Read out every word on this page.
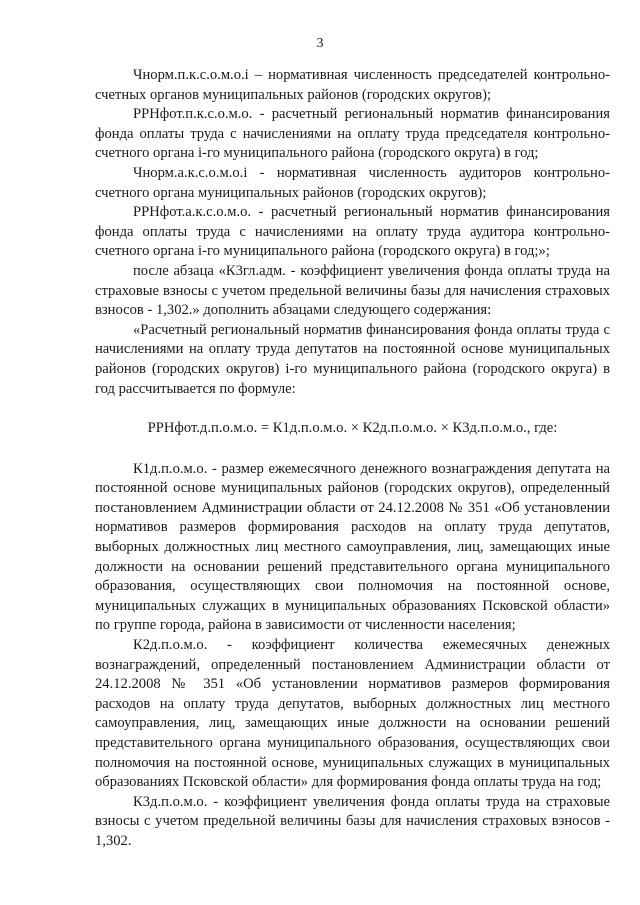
3

Чнорм.п.к.с.о.м.о.i – нормативная численность председателей контрольно-счетных органов муниципальных районов (городских округов);

РРНфот.п.к.с.о.м.о. - расчетный региональный норматив финансирования фонда оплаты труда с начислениями на оплату труда председателя контрольно-счетного органа i-го муниципального района (городского округа) в год;

Чнорм.а.к.с.о.м.о.i - нормативная численность аудиторов контрольно-счетного органа муниципальных районов (городских округов);

РРНфот.а.к.с.о.м.о. - расчетный региональный норматив финансирования фонда оплаты труда с начислениями на оплату труда аудитора контрольно-счетного органа i-го муниципального района (городского округа) в год;»;

после абзаца «К3гл.адм. - коэффициент увеличения фонда оплаты труда на страховые взносы с учетом предельной величины базы для начисления страховых взносов - 1,302.» дополнить абзацами следующего содержания:

«Расчетный региональный норматив финансирования фонда оплаты труда с начислениями на оплату труда депутатов на постоянной основе муниципальных районов (городских округов) i-го муниципального района (городского округа) в год рассчитывается по формуле:

РРНфот.д.п.о.м.о. = К1д.п.о.м.о. × К2д.п.о.м.о. × К3д.п.о.м.о., где:

К1д.п.о.м.о. - размер ежемесячного денежного вознаграждения депутата на постоянной основе муниципальных районов (городских округов), определенный постановлением Администрации области от 24.12.2008 № 351 «Об установлении нормативов размеров формирования расходов на оплату труда депутатов, выборных должностных лиц местного самоуправления, лиц, замещающих иные должности на основании решений представительного органа муниципального образования, осуществляющих свои полномочия на постоянной основе, муниципальных служащих в муниципальных образованиях Псковской области» по группе города, района в зависимости от численности населения;

К2д.п.о.м.о. - коэффициент количества ежемесячных денежных вознаграждений, определенный постановлением Администрации области от 24.12.2008 № 351 «Об установлении нормативов размеров формирования расходов на оплату труда депутатов, выборных должностных лиц местного самоуправления, лиц, замещающих иные должности на основании решений представительного органа муниципального образования, осуществляющих свои полномочия на постоянной основе, муниципальных служащих в муниципальных образованиях Псковской области» для формирования фонда оплаты труда на год;

К3д.п.о.м.о. - коэффициент увеличения фонда оплаты труда на страховые взносы с учетом предельной величины базы для начисления страховых взносов - 1,302.
